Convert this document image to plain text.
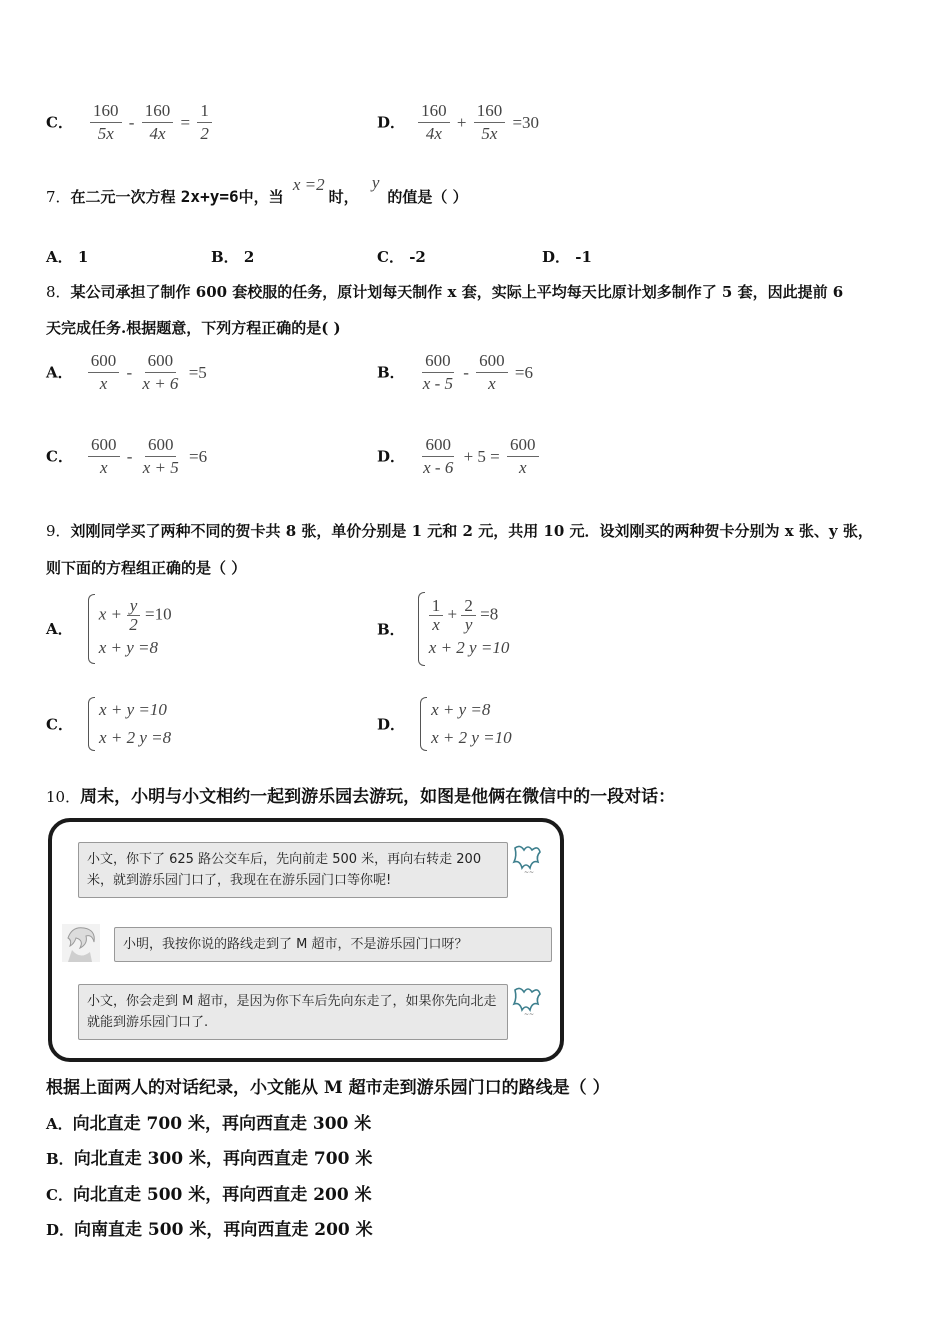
C． $\frac{160}{5x} - \frac{160}{4x} = \frac{1}{2}$	D． $\frac{160}{4x} + \frac{160}{5x} =30$
7．在二元一次方程 2x+y=6中，当 x =2时， y的值是（ ）
A． 1	B． 2	C． -2	D． -1
8．某公司承担了制作 600 套校服的任务，原计划每天制作 x 套，实际上平均每天比原计划多制作了 5 套，因此提前 6
天完成任务.根据题意，下列方程正确的是( )
A． $\frac{600}{x} - \frac{600}{x + 6} =5$	B． $\frac{600}{x - 5} - \frac{600}{x} =6$
C． $\frac{600}{x} - \frac{600}{x + 5} =6$	D． $\frac{600}{x - 6} + 5 = \frac{600}{x}$
9．刘刚同学买了两种不同的贺卡共 8 张，单价分别是 1 元和 2 元，共用 10 元．设刘刚买的两种贺卡分别为 x 张、y 张，
则下面的方程组正确的是（ ）
A．
$x + \frac{y}{2} =10$
x + y =8
B． $\frac{1}{x} + \frac{2}{y} =8$
x + 2 y =10
C．
x + y =10
x + 2 y =8
D．
x + y =8
x + 2 y =10
10．周末，小明与小文相约一起到游乐园去游玩，如图是他俩在微信中的一段对话：
小文，你下了 625 路公交车后，先向前走 500 米，再向右转走 200 米，就到游乐园门口了，我现在在游乐园门口等你呢!
~~
小明，我按你说的路线走到了 M 超市，不是游乐园门口呀？
小文，你会走到 M 超市，是因为你下车后先向东走了，如果你先向北走就能到游乐园门口了.
~~
根据上面两人的对话纪录，小文能从 M 超市走到游乐园门口的路线是（ ）
A．向北直走 700 米，再向西直走 300 米
B．向北直走 300 米，再向西直走 700 米
C．向北直走 500 米，再向西直走 200 米
D．向南直走 500 米，再向西直走 200 米
